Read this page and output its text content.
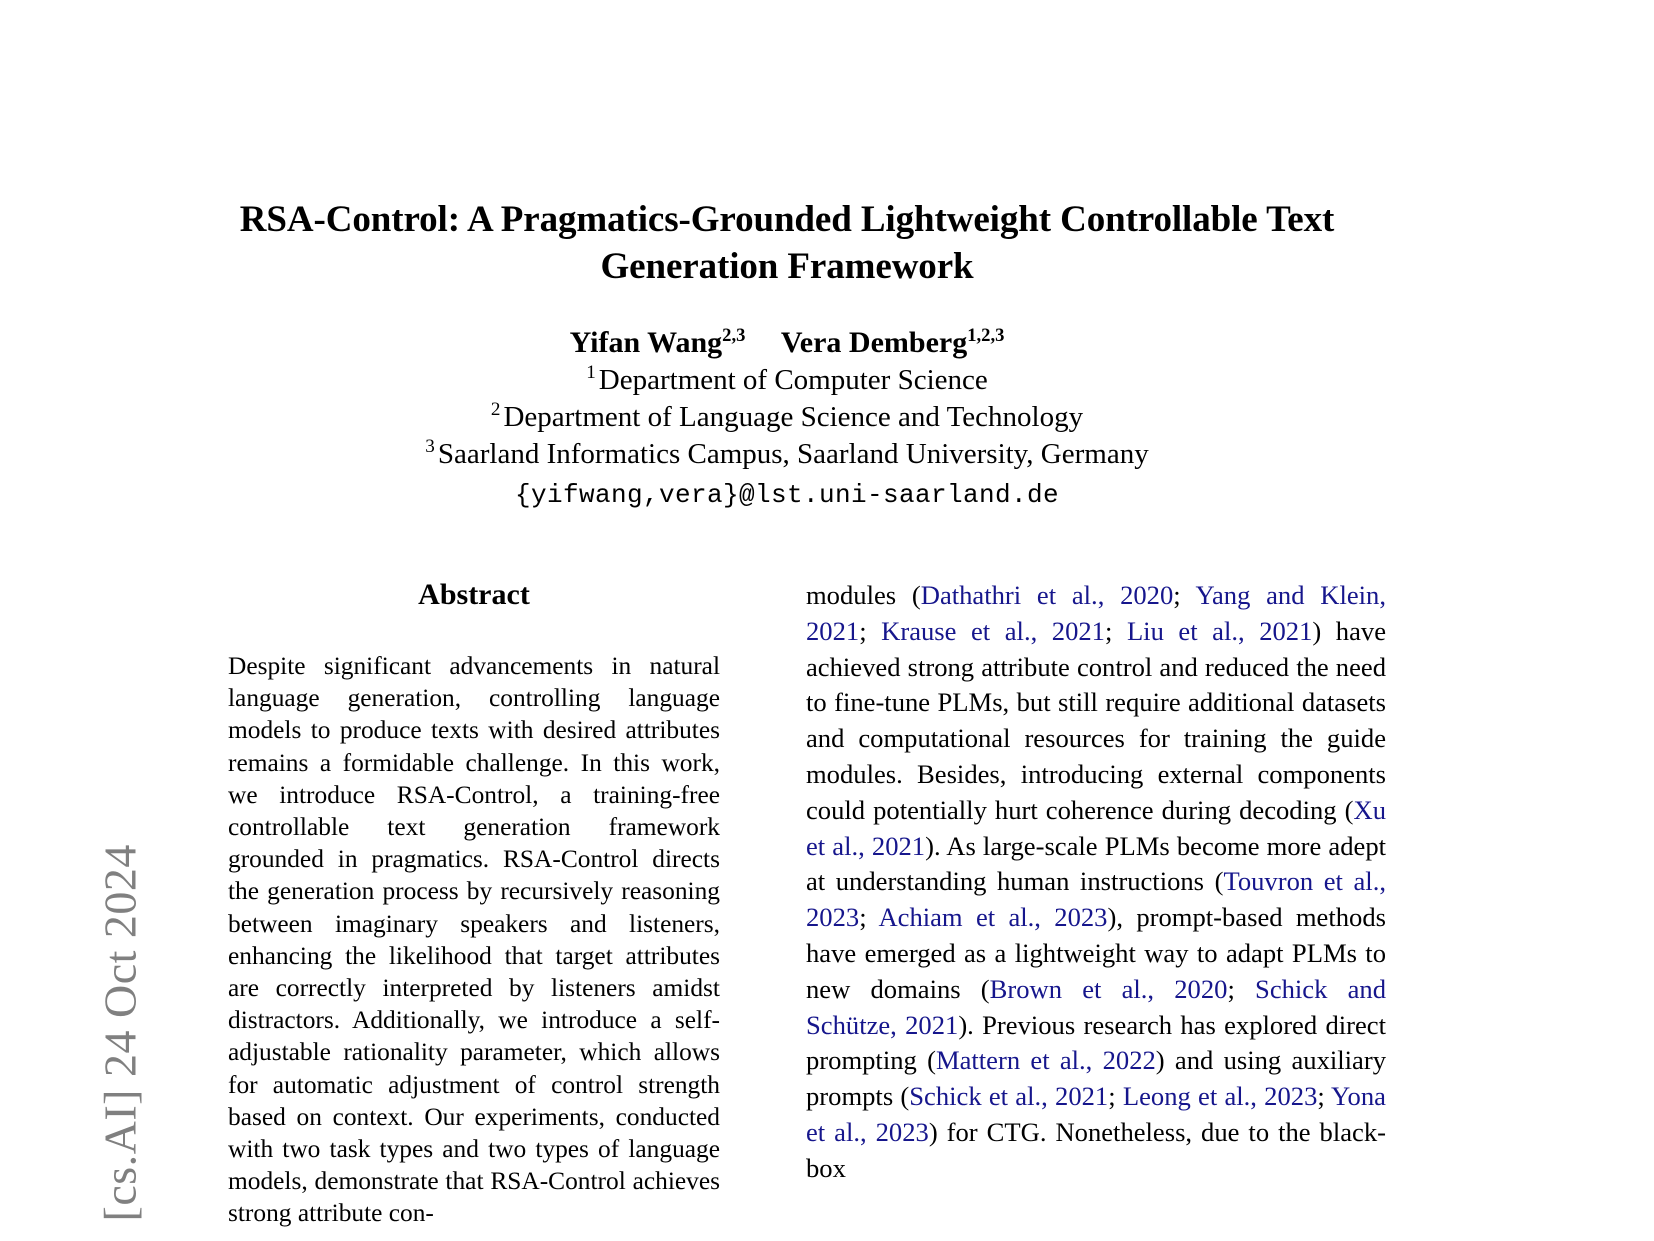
[cs.AI] 24 Oct 2024
RSA-Control: A Pragmatics-Grounded Lightweight Controllable Text Generation Framework
Yifan Wang$^{2,3}$ Vera Demberg$^{1,2,3}$
$^1$ Department of Computer Science
$^2$ Department of Language Science and Technology
$^3$ Saarland Informatics Campus, Saarland University, Germany
{yifwang,vera}@lst.uni-saarland.de
Abstract

Despite significant advancements in natural language generation, controlling language models to produce texts with desired attributes remains a formidable challenge. In this work, we introduce RSA-Control, a training-free controllable text generation framework grounded in pragmatics. RSA-Control directs the generation process by recursively reasoning between imaginary speakers and listeners, enhancing the likelihood that target attributes are correctly interpreted by listeners amidst distractors. Additionally, we introduce a self-adjustable rationality parameter, which allows for automatic adjustment of control strength based on context. Our experiments, conducted with two task types and two types of language models, demonstrate that RSA-Control achieves strong attribute con-

modules (Dathathri et al., 2020; Yang and Klein, 2021; Krause et al., 2021; Liu et al., 2021) have achieved strong attribute control and reduced the need to fine-tune PLMs, but still require additional datasets and computational resources for training the guide modules. Besides, introducing external components could potentially hurt coherence during decoding (Xu et al., 2021). As large-scale PLMs become more adept at understanding human instructions (Touvron et al., 2023; Achiam et al., 2023), prompt-based methods have emerged as a lightweight way to adapt PLMs to new domains (Brown et al., 2020; Schick and Schütze, 2021). Previous research has explored direct prompting (Mattern et al., 2022) and using auxiliary prompts (Schick et al., 2021; Leong et al., 2023; Yona et al., 2023) for CTG. Nonetheless, due to the black-box
